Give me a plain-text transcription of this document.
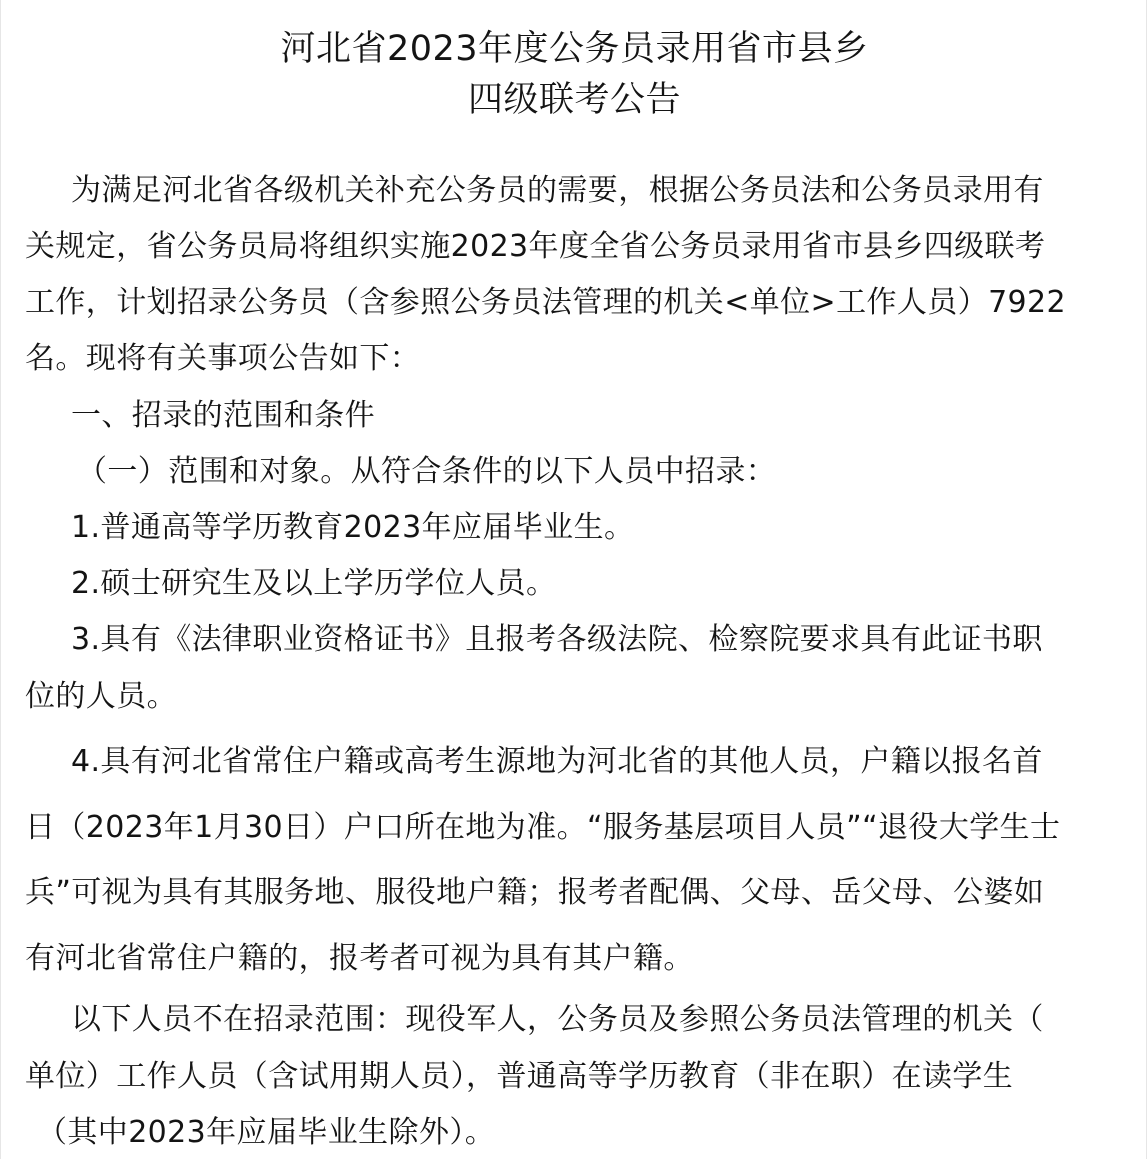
河北省2023年度公务员录用省市县乡
四级联考公告
为满足河北省各级机关补充公务员的需要，根据公务员法和公务员录用有
关规定，省公务员局将组织实施2023年度全省公务员录用省市县乡四级联考
工作，计划招录公务员（含参照公务员法管理的机关<单位>工作人员）7922
名。现将有关事项公告如下：
一、招录的范围和条件
（一）范围和对象。从符合条件的以下人员中招录：
1.普通高等学历教育2023年应届毕业生。
2.硕士研究生及以上学历学位人员。
3.具有《法律职业资格证书》且报考各级法院、检察院要求具有此证书职
位的人员。
4.具有河北省常住户籍或高考生源地为河北省的其他人员，户籍以报名首
日（2023年1月30日）户口所在地为准。“服务基层项目人员”“退役大学生士
兵”可视为具有其服务地、服役地户籍；报考者配偶、父母、岳父母、公婆如
有河北省常住户籍的，报考者可视为具有其户籍。
以下人员不在招录范围：现役军人，公务员及参照公务员法管理的机关（
单位）工作人员（含试用期人员），普通高等学历教育（非在职）在读学生
（其中2023年应届毕业生除外）。
